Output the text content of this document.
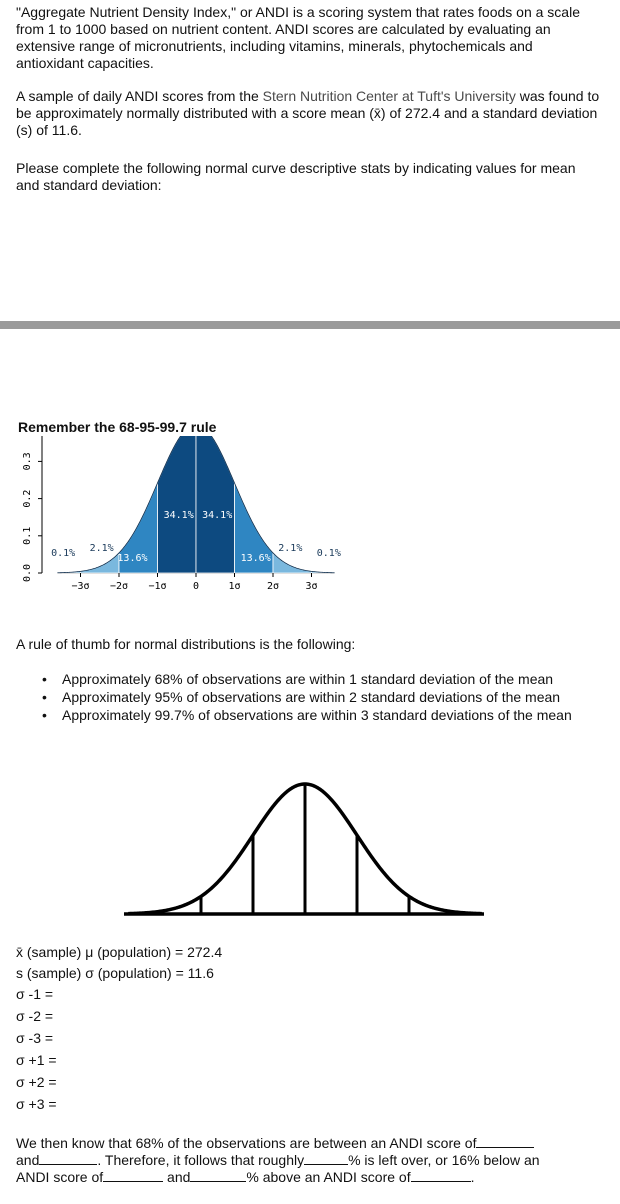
"Aggregate Nutrient Density Index," or ANDI is a scoring system that rates foods on a scale from 1 to 1000 based on nutrient content. ANDI scores are calculated by evaluating an extensive range of micronutrients, including vitamins, minerals, phytochemicals and antioxidant capacities.

A sample of daily ANDI scores from the Stern Nutrition Center at Tuft's University was found to be approximately normally distributed with a score mean (x̄) of 272.4 and a standard deviation (s) of 11.6.

Please complete the following normal curve descriptive stats by indicating values for mean and standard deviation:

Remember the 68-95-99.7 rule
0.0
0.1
0.2
0.3
0.1% 2.1%
13.6%
34.1% 34.1%
13.6%
2.1% 0.1%
−3σ −2σ −1σ	0	1σ	2σ	3σ

A rule of thumb for normal distributions is the following:

• Approximately 68% of observations are within 1 standard deviation of the mean
• Approximately 95% of observations are within 2 standard deviations of the mean
• Approximately 99.7% of observations are within 3 standard deviations of the mean
x̄ (sample) μ (population) = 272.4
s (sample) σ (population) = 11.6
σ -1 =
σ -2 =
σ -3 =
σ +1 =
σ +2 =
σ +3 =
We then know that 68% of the observations are between an ANDI score of
and	. Therefore, it follows that roughly	% is left over, or 16% below an
ANDI score of	and	% above an ANDI score of	.
